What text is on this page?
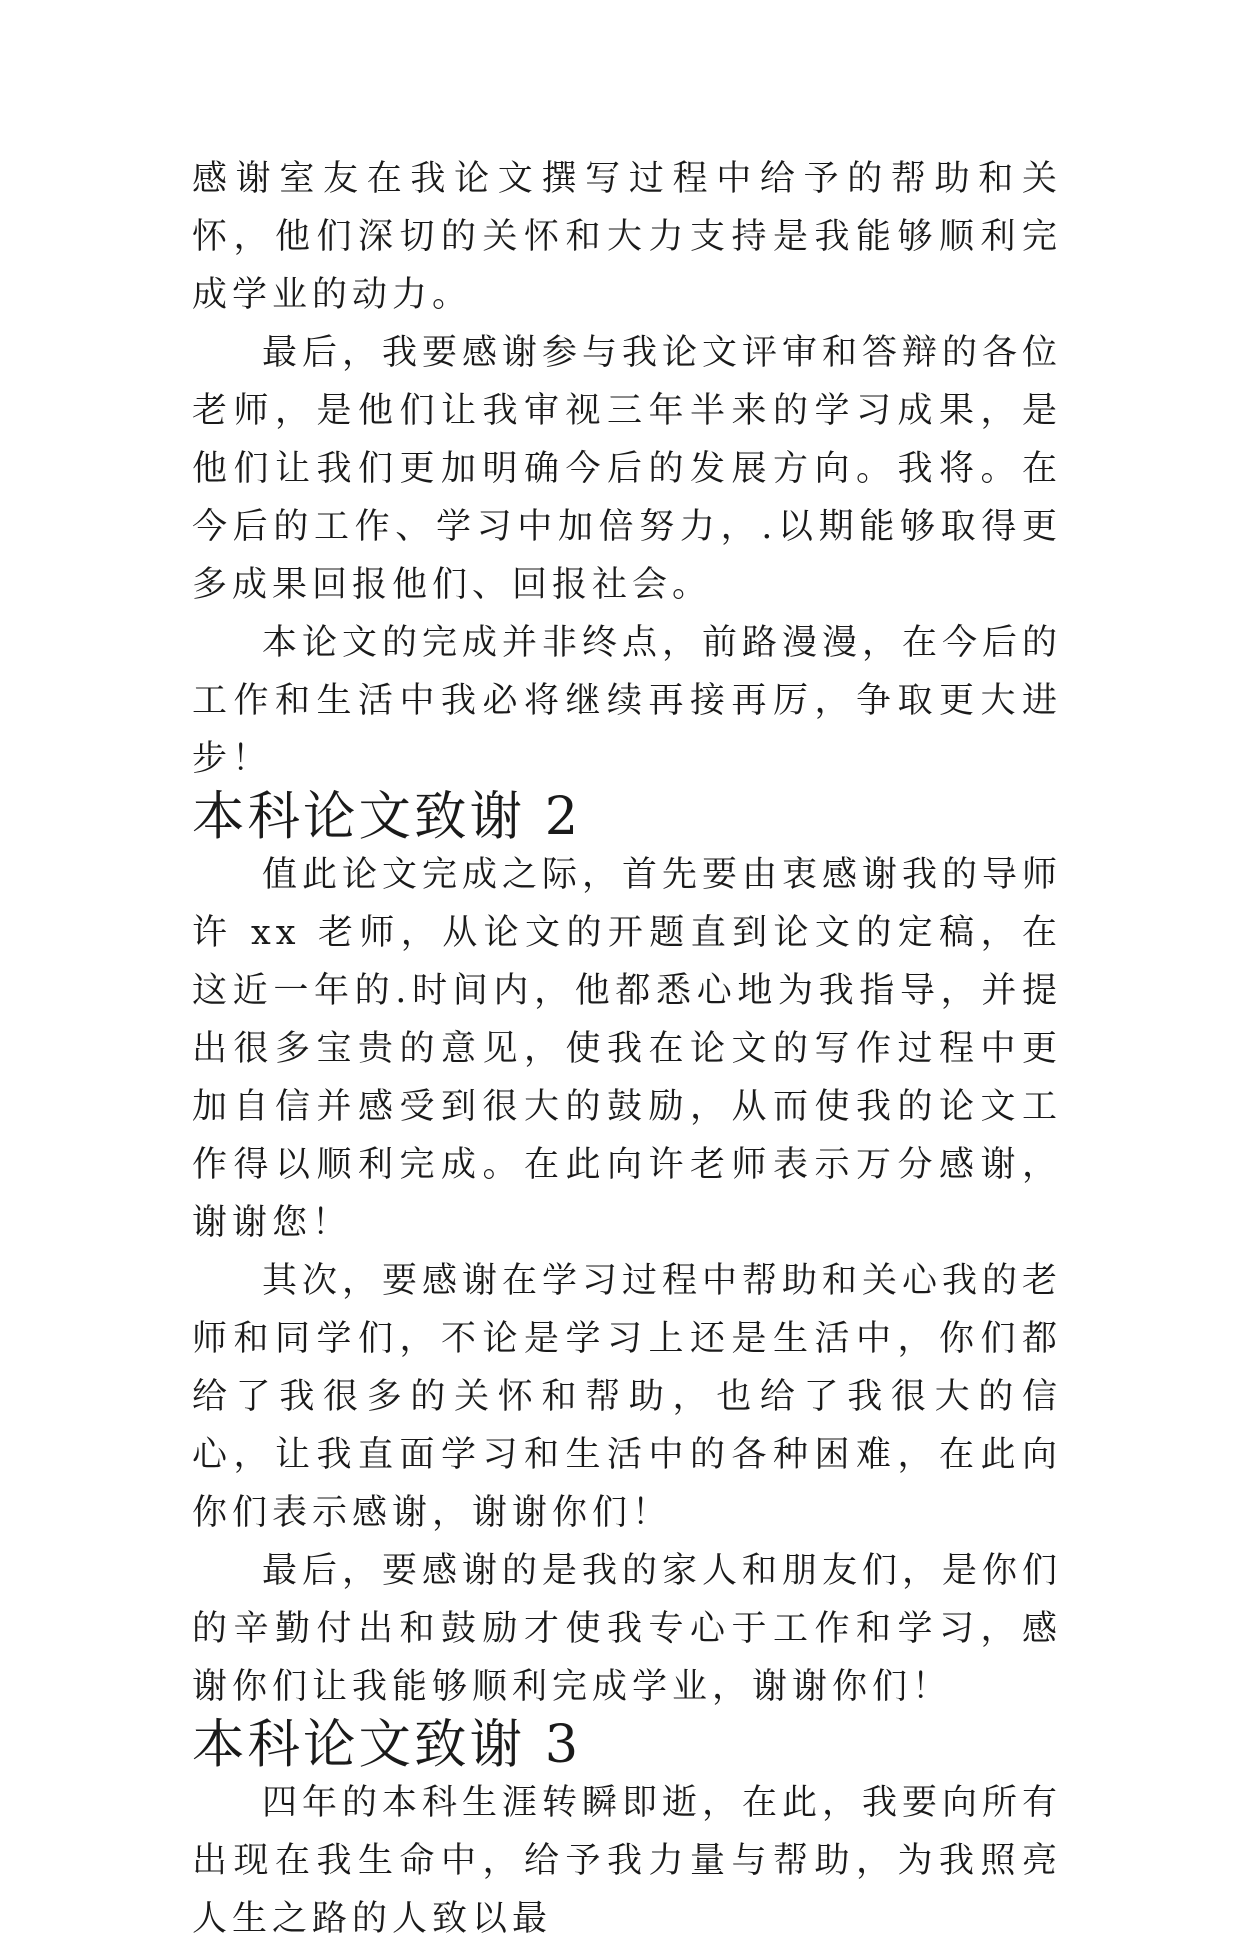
感谢室友在我论文撰写过程中给予的帮助和关怀，他们深切的关怀和大力支持是我能够顺利完成学业的动力。

最后，我要感谢参与我论文评审和答辩的各位老师，是他们让我审视三年半来的学习成果，是他们让我们更加明确今后的发展方向。我将。在今后的工作、学习中加倍努力，.以期能够取得更多成果回报他们、回报社会。

本论文的完成并非终点，前路漫漫，在今后的工作和生活中我必将继续再接再厉，争取更大进步！

本科论文致谢 2

值此论文完成之际，首先要由衷感谢我的导师许 xx 老师，从论文的开题直到论文的定稿，在这近一年的.时间内，他都悉心地为我指导，并提出很多宝贵的意见，使我在论文的写作过程中更加自信并感受到很大的鼓励，从而使我的论文工作得以顺利完成。在此向许老师表示万分感谢，谢谢您！

其次，要感谢在学习过程中帮助和关心我的老师和同学们，不论是学习上还是生活中，你们都给了我很多的关怀和帮助，也给了我很大的信心，让我直面学习和生活中的各种困难，在此向你们表示感谢，谢谢你们！

最后，要感谢的是我的家人和朋友们，是你们的辛勤付出和鼓励才使我专心于工作和学习，感谢你们让我能够顺利完成学业，谢谢你们！

本科论文致谢 3

四年的本科生涯转瞬即逝，在此，我要向所有出现在我生命中，给予我力量与帮助，为我照亮人生之路的人致以最
